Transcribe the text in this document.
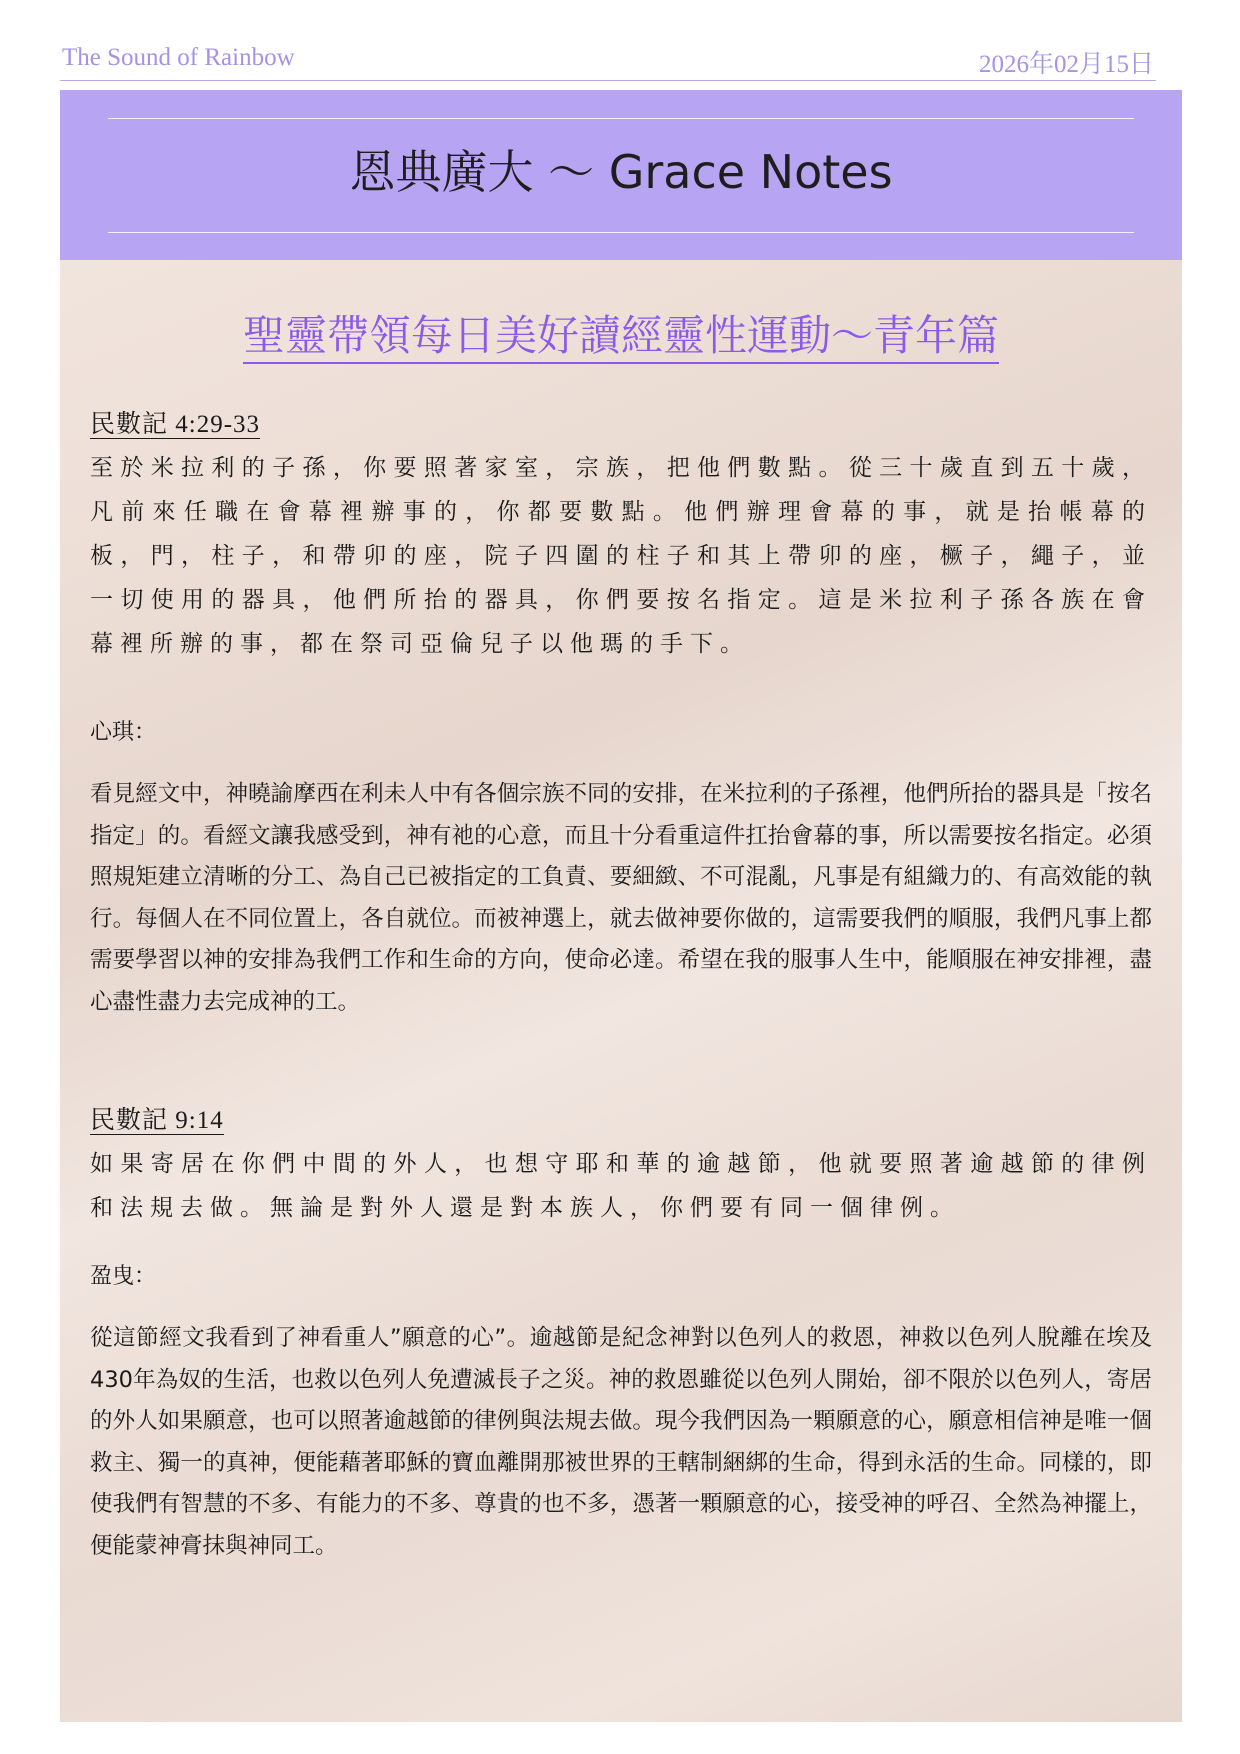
The Sound of Rainbow	2026年02月15日
恩典廣大 ～ Grace Notes
聖靈帶領每日美好讀經靈性運動～青年篇
民數記 4:29-33
至於米拉利的子孫，你要照著家室，宗族，把他們數點。從三十歲直到五十歲，凡前來任職在會幕裡辦事的，你都要數點。他們辦理會幕的事，就是抬帳幕的板，門，柱子，和帶卯的座，院子四圍的柱子和其上帶卯的座，橛子，繩子，並一切使用的器具，他們所抬的器具，你們要按名指定。這是米拉利子孫各族在會幕裡所辦的事，都在祭司亞倫兒子以他瑪的手下。
心琪：
看見經文中，神曉諭摩西在利未人中有各個宗族不同的安排，在米拉利的子孫裡，他們所抬的器具是「按名指定」的。看經文讓我感受到，神有祂的心意，而且十分看重這件扛抬會幕的事，所以需要按名指定。必須照規矩建立清晰的分工、為自己已被指定的工負責、要細緻、不可混亂，凡事是有組織力的、有高效能的執行。每個人在不同位置上，各自就位。而被神選上，就去做神要你做的，這需要我們的順服，我們凡事上都需要學習以神的安排為我們工作和生命的方向，使命必達。希望在我的服事人生中，能順服在神安排裡，盡心盡性盡力去完成神的工。
民數記 9:14
如果寄居在你們中間的外人，也想守耶和華的逾越節，他就要照著逾越節的律例和法規去做。無論是對外人還是對本族人，你們要有同一個律例。
盈曳：
從這節經文我看到了神看重人”願意的心”。逾越節是紀念神對以色列人的救恩，神救以色列人脫離在埃及430年為奴的生活，也救以色列人免遭滅長子之災。神的救恩雖從以色列人開始，卻不限於以色列人，寄居的外人如果願意，也可以照著逾越節的律例與法規去做。現今我們因為一顆願意的心，願意相信神是唯一個救主、獨一的真神，便能藉著耶穌的寶血離開那被世界的王轄制綑綁的生命，得到永活的生命。同樣的，即使我們有智慧的不多、有能力的不多、尊貴的也不多，憑著一顆願意的心，接受神的呼召、全然為神擺上，便能蒙神膏抹與神同工。
